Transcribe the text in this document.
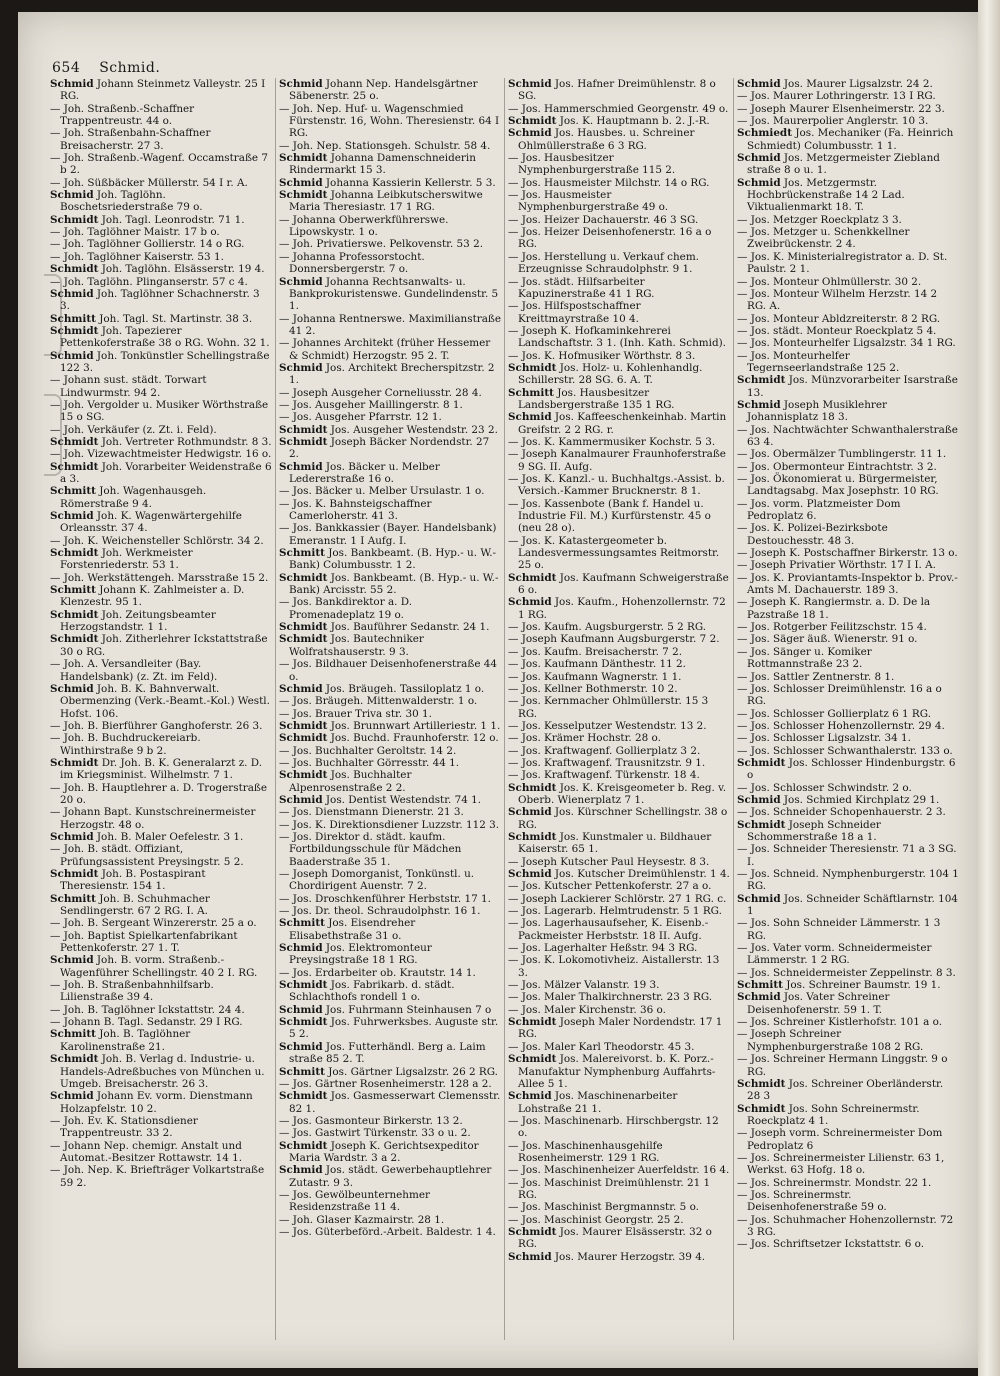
654 Schmid.

Schmid Johann Steinmetz Valleystr. 25 I RG.

— Joh. Straßenb.-Schaffner Trappentreustr. 44 o.

— Joh. Straßenbahn-Schaffner Breisacherstr. 27 3.

— Joh. Straßenb.-Wagenf. Occamstraße 7 b 2.

— Joh. Süßbäcker Müllerstr. 54 I r. A.

Schmid Joh. Taglöhn. Boschetsriederstraße 79 o.

Schmidt Joh. Tagl. Leonrodstr. 71 1.

— Joh. Taglöhner Maistr. 17 b o.

— Joh. Taglöhner Gollierstr. 14 o RG.

— Joh. Taglöhner Kaiserstr. 53 1.

Schmidt Joh. Taglöhn. Elsässerstr. 19 4.

— Joh. Taglöhn. Plinganserstr. 57 c 4.

Schmid Joh. Taglöhner Schachnerstr. 3 3.

Schmitt Joh. Tagl. St. Martinstr. 38 3.

Schmidt Joh. Tapezierer Pettenkoferstraße 38 o RG. Wohn. 32 1.

Schmid Joh. Tonkünstler Schellingstraße 122 3.

— Johann sust. städt. Torwart Lindwurmstr. 94 2.

— Joh. Vergolder u. Musiker Wörthstraße 15 o SG.

— Joh. Verkäufer (z. Zt. i. Feld).

Schmidt Joh. Vertreter Rothmundstr. 8 3.

— Joh. Vizewachtmeister Hedwigstr. 16 o.

Schmidt Joh. Vorarbeiter Weidenstraße 6 a 3.

Schmitt Joh. Wagenhausgeh. Römerstraße 9 4.

Schmid Joh. K. Wagenwärtergehilfe Orleansstr. 37 4.

— Joh. K. Weichensteller Schlörstr. 34 2.

Schmidt Joh. Werkmeister Forstenriederstr. 53 1.

— Joh. Werkstättengeh. Marsstraße 15 2.

Schmitt Johann K. Zahlmeister a. D. Klenzestr. 95 1.

Schmidt Joh. Zeitungsbeamter Herzogstandstr. 1 1.

Schmidt Joh. Zitherlehrer Ickstattstraße 30 o RG.

— Joh. A. Versandleiter (Bay. Handelsbank) (z. Zt. im Feld).

Schmid Joh. B. K. Bahnverwalt. Obermenzing (Verk.-Beamt.-Kol.) Westl. Hofst. 106.

— Joh. B. Bierführer Ganghoferstr. 26 3.

— Joh. B. Buchdruckereiarb. Winthirstraße 9 b 2.

Schmidt Dr. Joh. B. K. Generalarzt z. D. im Kriegsminist. Wilhelmstr. 7 1.

— Joh. B. Hauptlehrer a. D. Trogerstraße 20 o.

— Johann Bapt. Kunstschreinermeister Herzogstr. 48 o.

Schmid Joh. B. Maler Oefelestr. 3 1.

— Joh. B. städt. Offiziant, Prüfungsassistent Preysingstr. 5 2.

Schmidt Joh. B. Postaspirant Theresienstr. 154 1.

Schmitt Joh. B. Schuhmacher Sendlingerstr. 67 2 RG. I. A.

— Joh. B. Sergeant Winzererstr. 25 a o.

— Joh. Baptist Spielkartenfabrikant Pettenkoferstr. 27 1. T.

Schmid Joh. B. vorm. Straßenb.-Wagenführer Schellingstr. 40 2 I. RG.

— Joh. B. Straßenbahnhilfsarb. Lilienstraße 39 4.

— Joh. B. Taglöhner Ickstattstr. 24 4.

— Johann B. Tagl. Sedanstr. 29 I RG.

Schmitt Joh. B. Taglöhner Karolinenstraße 21.

Schmidt Joh. B. Verlag d. Industrie- u. Handels-Adreßbuches von München u. Umgeb. Breisacherstr. 26 3.

Schmid Johann Ev. vorm. Dienstmann Holzapfelstr. 10 2.

— Joh. Ev. K. Stationsdiener Trappentreustr. 33 2.

— Johann Nep. chemigr. Anstalt und Automat.-Besitzer Rottawstr. 14 1.

— Joh. Nep. K. Briefträger Volkartstraße 59 2.

Schmid Johann Nep. Handelsgärtner Säbenerstr. 25 o.

— Joh. Nep. Huf- u. Wagenschmied Fürstenstr. 16, Wohn. Theresienstr. 64 I RG.

— Joh. Nep. Stationsgeh. Schulstr. 58 4.

Schmidt Johanna Damenschneiderin Rindermarkt 15 3.

Schmid Johanna Kassierin Kellerstr. 5 3.

Schmidt Johanna Leibkutscherswitwe Maria Theresiastr. 17 1 RG.

— Johanna Oberwerkführerswe. Lipowskystr. 1 o.

— Joh. Privatierswe. Pelkovenstr. 53 2.

— Johanna Professorstocht. Donnersbergerstr. 7 o.

Schmid Johanna Rechtsanwalts- u. Bankprokuristenswe. Gundelindenstr. 5 1.

— Johanna Rentnerswe. Maximilianstraße 41 2.

— Johannes Architekt (früher Hessemer & Schmidt) Herzogstr. 95 2. T.

Schmid Jos. Architekt Brecherspitzstr. 2 1.

— Joseph Ausgeher Corneliusstr. 28 4.

— Jos. Ausgeher Maillingerstr. 8 1.

— Jos. Ausgeher Pfarrstr. 12 1.

Schmidt Jos. Ausgeher Westendstr. 23 2.

Schmidt Joseph Bäcker Nordendstr. 27 2.

Schmid Jos. Bäcker u. Melber Ledererstraße 16 o.

— Jos. Bäcker u. Melber Ursulastr. 1 o.

— Jos. K. Bahnsteigschaffner Camerloherstr. 41 3.

— Jos. Bankkassier (Bayer. Handelsbank) Emeranstr. 1 I Aufg. I.

Schmitt Jos. Bankbeamt. (B. Hyp.- u. W.-Bank) Columbusstr. 1 2.

Schmidt Jos. Bankbeamt. (B. Hyp.- u. W.-Bank) Arcisstr. 55 2.

— Jos. Bankdirektor a. D. Promenadeplatz 19 o.

Schmidt Jos. Bauführer Sedanstr. 24 1.

Schmidt Jos. Bautechniker Wolfratshauserstr. 9 3.

— Jos. Bildhauer Deisenhofenerstraße 44 o.

Schmid Jos. Bräugeh. Tassiloplatz 1 o.

— Jos. Bräugeh. Mittenwalderstr. 1 o.

— Jos. Brauer Triva str. 30 1.

Schmidt Jos. Brunnwart Artilleriestr. 1 1.

Schmidt Jos. Buchd. Fraunhoferstr. 12 o.

— Jos. Buchhalter Geroltstr. 14 2.

— Jos. Buchhalter Görresstr. 44 1.

Schmidt Jos. Buchhalter Alpenrosenstraße 2 2.

Schmid Jos. Dentist Westendstr. 74 1.

— Jos. Dienstmann Dienerstr. 21 3.

— Jos. K. Direktionsdiener Luzzstr. 112 3.

— Jos. Direktor d. städt. kaufm. Fortbildungsschule für Mädchen Baaderstraße 35 1.

— Joseph Domorganist, Tonkünstl. u. Chordirigent Auenstr. 7 2.

— Jos. Droschkenführer Herbststr. 17 1.

— Jos. Dr. theol. Schraudolphstr. 16 1.

Schmitt Jos. Eisendreher Elisabethstraße 31 o.

Schmid Jos. Elektromonteur Preysingstraße 18 1 RG.

— Jos. Erdarbeiter ob. Krautstr. 14 1.

Schmidt Jos. Fabrikarb. d. städt. Schlachthofs rondell 1 o.

Schmid Jos. Fuhrmann Steinhausen 7 o

Schmidt Jos. Fuhrwerksbes. Auguste str. 5 2.

Schmid Jos. Futterhändl. Berg a. Laim straße 85 2. T.

Schmitt Jos. Gärtner Ligsalzstr. 26 2 RG.

— Jos. Gärtner Rosenheimerstr. 128 a 2.

Schmidt Jos. Gasmesserwart Clemensstr. 82 1.

— Jos. Gasmonteur Birkerstr. 13 2.

— Jos. Gastwirt Türkenstr. 33 o u. 2.

Schmidt Joseph K. Gerichtsexpeditor Maria Wardstr. 3 a 2.

Schmid Jos. städt. Gewerbehauptlehrer Zutastr. 9 3.

— Jos. Gewölbeunternehmer Residenzstraße 11 4.

— Joh. Glaser Kazmairstr. 28 1.

— Jos. Güterbeförd.-Arbeit. Baldestr. 1 4.

Schmid Jos. Hafner Dreimühlenstr. 8 o SG.

— Jos. Hammerschmied Georgenstr. 49 o.

Schmidt Jos. K. Hauptmann b. 2. J.-R.

Schmid Jos. Hausbes. u. Schreiner Ohlmüllerstraße 6 3 RG.

— Jos. Hausbesitzer Nymphenburgerstraße 115 2.

— Jos. Hausmeister Milchstr. 14 o RG.

— Jos. Hausmeister Nymphenburgerstraße 49 o.

— Jos. Heizer Dachauerstr. 46 3 SG.

— Jos. Heizer Deisenhofenerstr. 16 a o RG.

— Jos. Herstellung u. Verkauf chem. Erzeugnisse Schraudolphstr. 9 1.

— Jos. städt. Hilfsarbeiter Kapuzinerstraße 41 1 RG.

— Jos. Hilfspostschaffner Kreittmayrstraße 10 4.

— Joseph K. Hofkaminkehrerei Landschaftstr. 3 1. (Inh. Kath. Schmid).

— Jos. K. Hofmusiker Wörthstr. 8 3.

Schmidt Jos. Holz- u. Kohlenhandlg. Schillerstr. 28 SG. 6. A. T.

Schmitt Jos. Hausbesitzer Landsbergerstraße 135 1 RG.

Schmid Jos. Kaffeeschenkeinhab. Martin Greifstr. 2 2 RG. r.

— Jos. K. Kammermusiker Kochstr. 5 3.

— Joseph Kanalmaurer Fraunhoferstraße 9 SG. II. Aufg.

— Jos. K. Kanzl.- u. Buchhaltgs.-Assist. b. Versich.-Kammer Brucknerstr. 8 1.

— Jos. Kassenbote (Bank f. Handel u. Industrie Fil. M.) Kurfürstenstr. 45 o (neu 28 o).

— Jos. K. Katastergeometer b. Landesvermessungsamtes Reitmorstr. 25 o.

Schmidt Jos. Kaufmann Schweigerstraße 6 o.

Schmid Jos. Kaufm., Hohenzollernstr. 72 1 RG.

— Jos. Kaufm. Augsburgerstr. 5 2 RG.

— Joseph Kaufmann Augsburgerstr. 7 2.

— Jos. Kaufm. Breisacherstr. 7 2.

— Jos. Kaufmann Dänthestr. 11 2.

— Jos. Kaufmann Wagnerstr. 1 1.

— Jos. Kellner Bothmerstr. 10 2.

— Jos. Kernmacher Ohlmüllerstr. 15 3 RG.

— Jos. Kesselputzer Westendstr. 13 2.

— Jos. Krämer Hochstr. 28 o.

— Jos. Kraftwagenf. Gollierplatz 3 2.

— Jos. Kraftwagenf. Trausnitzstr. 9 1.

— Jos. Kraftwagenf. Türkenstr. 18 4.

Schmidt Jos. K. Kreisgeometer b. Reg. v. Oberb. Wienerplatz 7 1.

Schmid Jos. Kürschner Schellingstr. 38 o RG.

Schmidt Jos. Kunstmaler u. Bildhauer Kaiserstr. 65 1.

— Joseph Kutscher Paul Heysestr. 8 3.

Schmid Jos. Kutscher Dreimühlenstr. 1 4.

— Jos. Kutscher Pettenkoferstr. 27 a o.

— Joseph Lackierer Schlörstr. 27 1 RG. c.

— Jos. Lagerarb. Helmtrudenstr. 5 1 RG.

— Jos. Lagerhausaufseher, K. Eisenb.-Packmeister Herbststr. 18 II. Aufg.

— Jos. Lagerhalter Heßstr. 94 3 RG.

— Jos. K. Lokomotivheiz. Aistallerstr. 13 3.

— Jos. Mälzer Valanstr. 19 3.

— Jos. Maler Thalkirchnerstr. 23 3 RG.

— Jos. Maler Kirchenstr. 36 o.

Schmidt Joseph Maler Nordendstr. 17 1 RG.

— Jos. Maler Karl Theodorstr. 45 3.

Schmidt Jos. Malereivorst. b. K. Porz.-Manufaktur Nymphenburg Auffahrts-Allee 5 1.

Schmid Jos. Maschinenarbeiter Lohstraße 21 1.

— Jos. Maschinenarb. Hirschbergstr. 12 o.

— Jos. Maschinenhausgehilfe Rosenheimerstr. 129 1 RG.

— Jos. Maschinenheizer Auerfeldstr. 16 4.

— Jos. Maschinist Dreimühlenstr. 21 1 RG.

— Jos. Maschinist Bergmannstr. 5 o.

— Jos. Maschinist Georgstr. 25 2.

Schmidt Jos. Maurer Elsässerstr. 32 o RG.

Schmid Jos. Maurer Herzogstr. 39 4.

Schmid Jos. Maurer Ligsalzstr. 24 2.

— Jos. Maurer Lothringerstr. 13 I RG.

— Joseph Maurer Elsenheimerstr. 22 3.

— Jos. Maurerpolier Anglerstr. 10 3.

Schmiedt Jos. Mechaniker (Fa. Heinrich Schmiedt) Columbusstr. 1 1.

Schmid Jos. Metzgermeister Ziebland straße 8 o u. 1.

Schmid Jos. Metzgermstr. Hochbrückenstraße 14 2 Lad. Viktualienmarkt 18. T.

— Jos. Metzger Roeckplatz 3 3.

— Jos. Metzger u. Schenkkellner Zweibrückenstr. 2 4.

— Jos. K. Ministerialregistrator a. D. St. Paulstr. 2 1.

— Jos. Monteur Ohlmüllerstr. 30 2.

— Jos. Monteur Wilhelm Herzstr. 14 2 RG. A.

— Jos. Monteur Abldzreiterstr. 8 2 RG.

— Jos. städt. Monteur Roeckplatz 5 4.

— Jos. Monteurhelfer Ligsalzstr. 34 1 RG.

— Jos. Monteurhelfer Tegernseerlandstraße 125 2.

Schmidt Jos. Münzvorarbeiter Isarstraße 13.

Schmid Joseph Musiklehrer Johannisplatz 18 3.

— Jos. Nachtwächter Schwanthalerstraße 63 4.

— Jos. Obermälzer Tumblingerstr. 11 1.

— Jos. Obermonteur Eintrachtstr. 3 2.

— Jos. Ökonomierat u. Bürgermeister, Landtagsabg. Max Josephstr. 10 RG.

— Jos. vorm. Platzmeister Dom Pedroplatz 6.

— Jos. K. Polizei-Bezirksbote Destouchesstr. 48 3.

— Joseph K. Postschaffner Birkerstr. 13 o.

— Joseph Privatier Wörthstr. 17 I I. A.

— Jos. K. Proviantamts-Inspektor b. Prov.-Amts M. Dachauerstr. 189 3.

— Joseph K. Rangiermstr. a. D. De la Pazstraße 18 1.

— Jos. Rotgerber Feilitzschstr. 15 4.

— Jos. Säger äuß. Wienerstr. 91 o.

— Jos. Sänger u. Komiker Rottmannstraße 23 2.

— Jos. Sattler Zentnerstr. 8 1.

— Jos. Schlosser Dreimühlenstr. 16 a o RG.

— Jos. Schlosser Gollierplatz 6 1 RG.

— Jos. Schlosser Hohenzollernstr. 29 4.

— Jos. Schlosser Ligsalzstr. 34 1.

— Jos. Schlosser Schwanthalerstr. 133 o.

Schmidt Jos. Schlosser Hindenburgstr. 6 o

— Jos. Schlosser Schwindstr. 2 o.

Schmid Jos. Schmied Kirchplatz 29 1.

— Jos. Schneider Schopenhauerstr. 2 3.

Schmidt Joseph Schneider Schommerstraße 18 a 1.

— Jos. Schneider Theresienstr. 71 a 3 SG. I.

— Jos. Schneid. Nymphenburgerstr. 104 1 RG.

Schmid Jos. Schneider Schäftlarnstr. 104 1

— Jos. Sohn Schneider Lämmerstr. 1 3 RG.

— Jos. Vater vorm. Schneidermeister Lämmerstr. 1 2 RG.

— Jos. Schneidermeister Zeppelinstr. 8 3.

Schmitt Jos. Schreiner Baumstr. 19 1.

Schmid Jos. Vater Schreiner Deisenhofenerstr. 59 1. T.

— Jos. Schreiner Kistlerhofstr. 101 a o.

— Joseph Schreiner Nymphenburgerstraße 108 2 RG.

— Jos. Schreiner Hermann Linggstr. 9 o RG.

Schmidt Jos. Schreiner Oberländerstr. 28 3

Schmidt Jos. Sohn Schreinermstr. Roeckplatz 4 1.

— Joseph vorm. Schreinermeister Dom Pedroplatz 6

— Jos. Schreinermeister Lilienstr. 63 1, Werkst. 63 Hofg. 18 o.

— Jos. Schreinermstr. Mondstr. 22 1.

— Jos. Schreinermstr. Deisenhofenerstraße 59 o.

— Jos. Schuhmacher Hohenzollernstr. 72 3 RG.

— Jos. Schriftsetzer Ickstattstr. 6 o.
